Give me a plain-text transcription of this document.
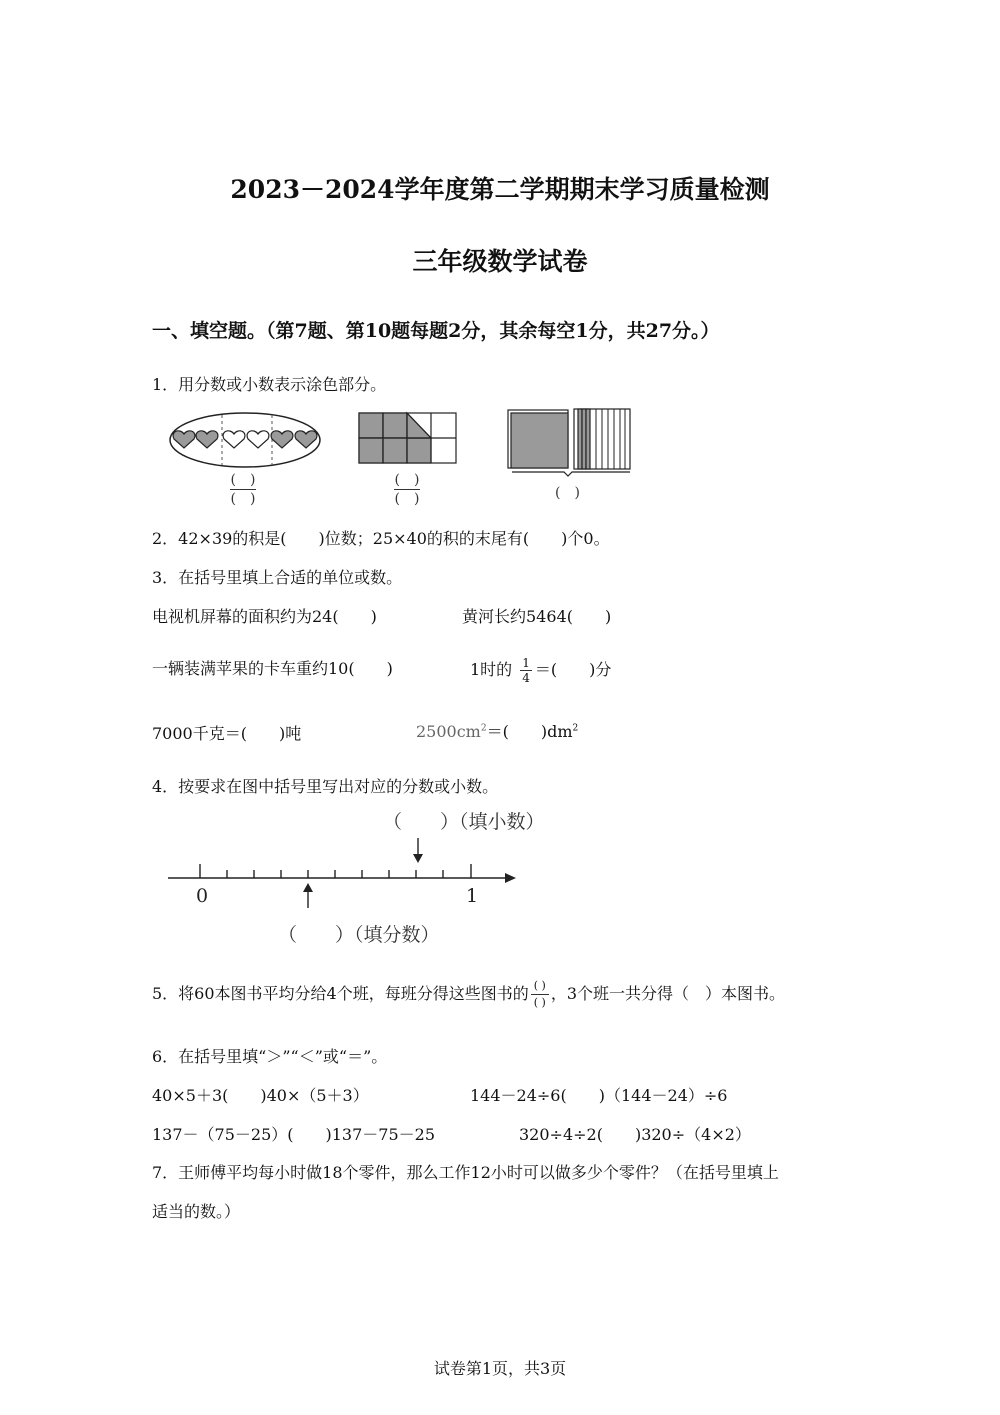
2023－2024学年度第二学期期末学习质量检测
三年级数学试卷
一、填空题。（第7题、第10题每题2分，其余每空1分，共27分。）
1．用分数或小数表示涂色部分。
(　)
(　)
(　)
(　)	(　)
2．42×39的积是(　　)位数；25×40的积的末尾有(　　)个0。
3．在括号里填上合适的单位或数。
电视机屏幕的面积约为24(　　)	黄河长约5464(　　)
一辆装满苹果的卡车重约10(　　)	1时的 $\frac{1}{4}$ ＝(　　)分
7000千克＝(　　)吨	$2500cm^2=$(　　)$dm^2$
4．按要求在图中括号里写出对应的分数或小数。
（　　）（填小数）
（　　）（填分数）
0	1
5．将60本图书平均分给4个班，每班分得这些图书的 ( )
( ) ，3个班一共分得（　）本图书。
6．在括号里填“＞”“＜”或“＝”。
40×5＋3(　　)40×（5＋3）	144－24÷6(　　)（144－24）÷6
137－（75－25）(　　)137－75－25	320÷4÷2(　　)320÷（4×2）
7．王师傅平均每小时做18个零件，那么工作12小时可以做多少个零件？（在括号里填上
适当的数。）
试卷第1页，共3页
